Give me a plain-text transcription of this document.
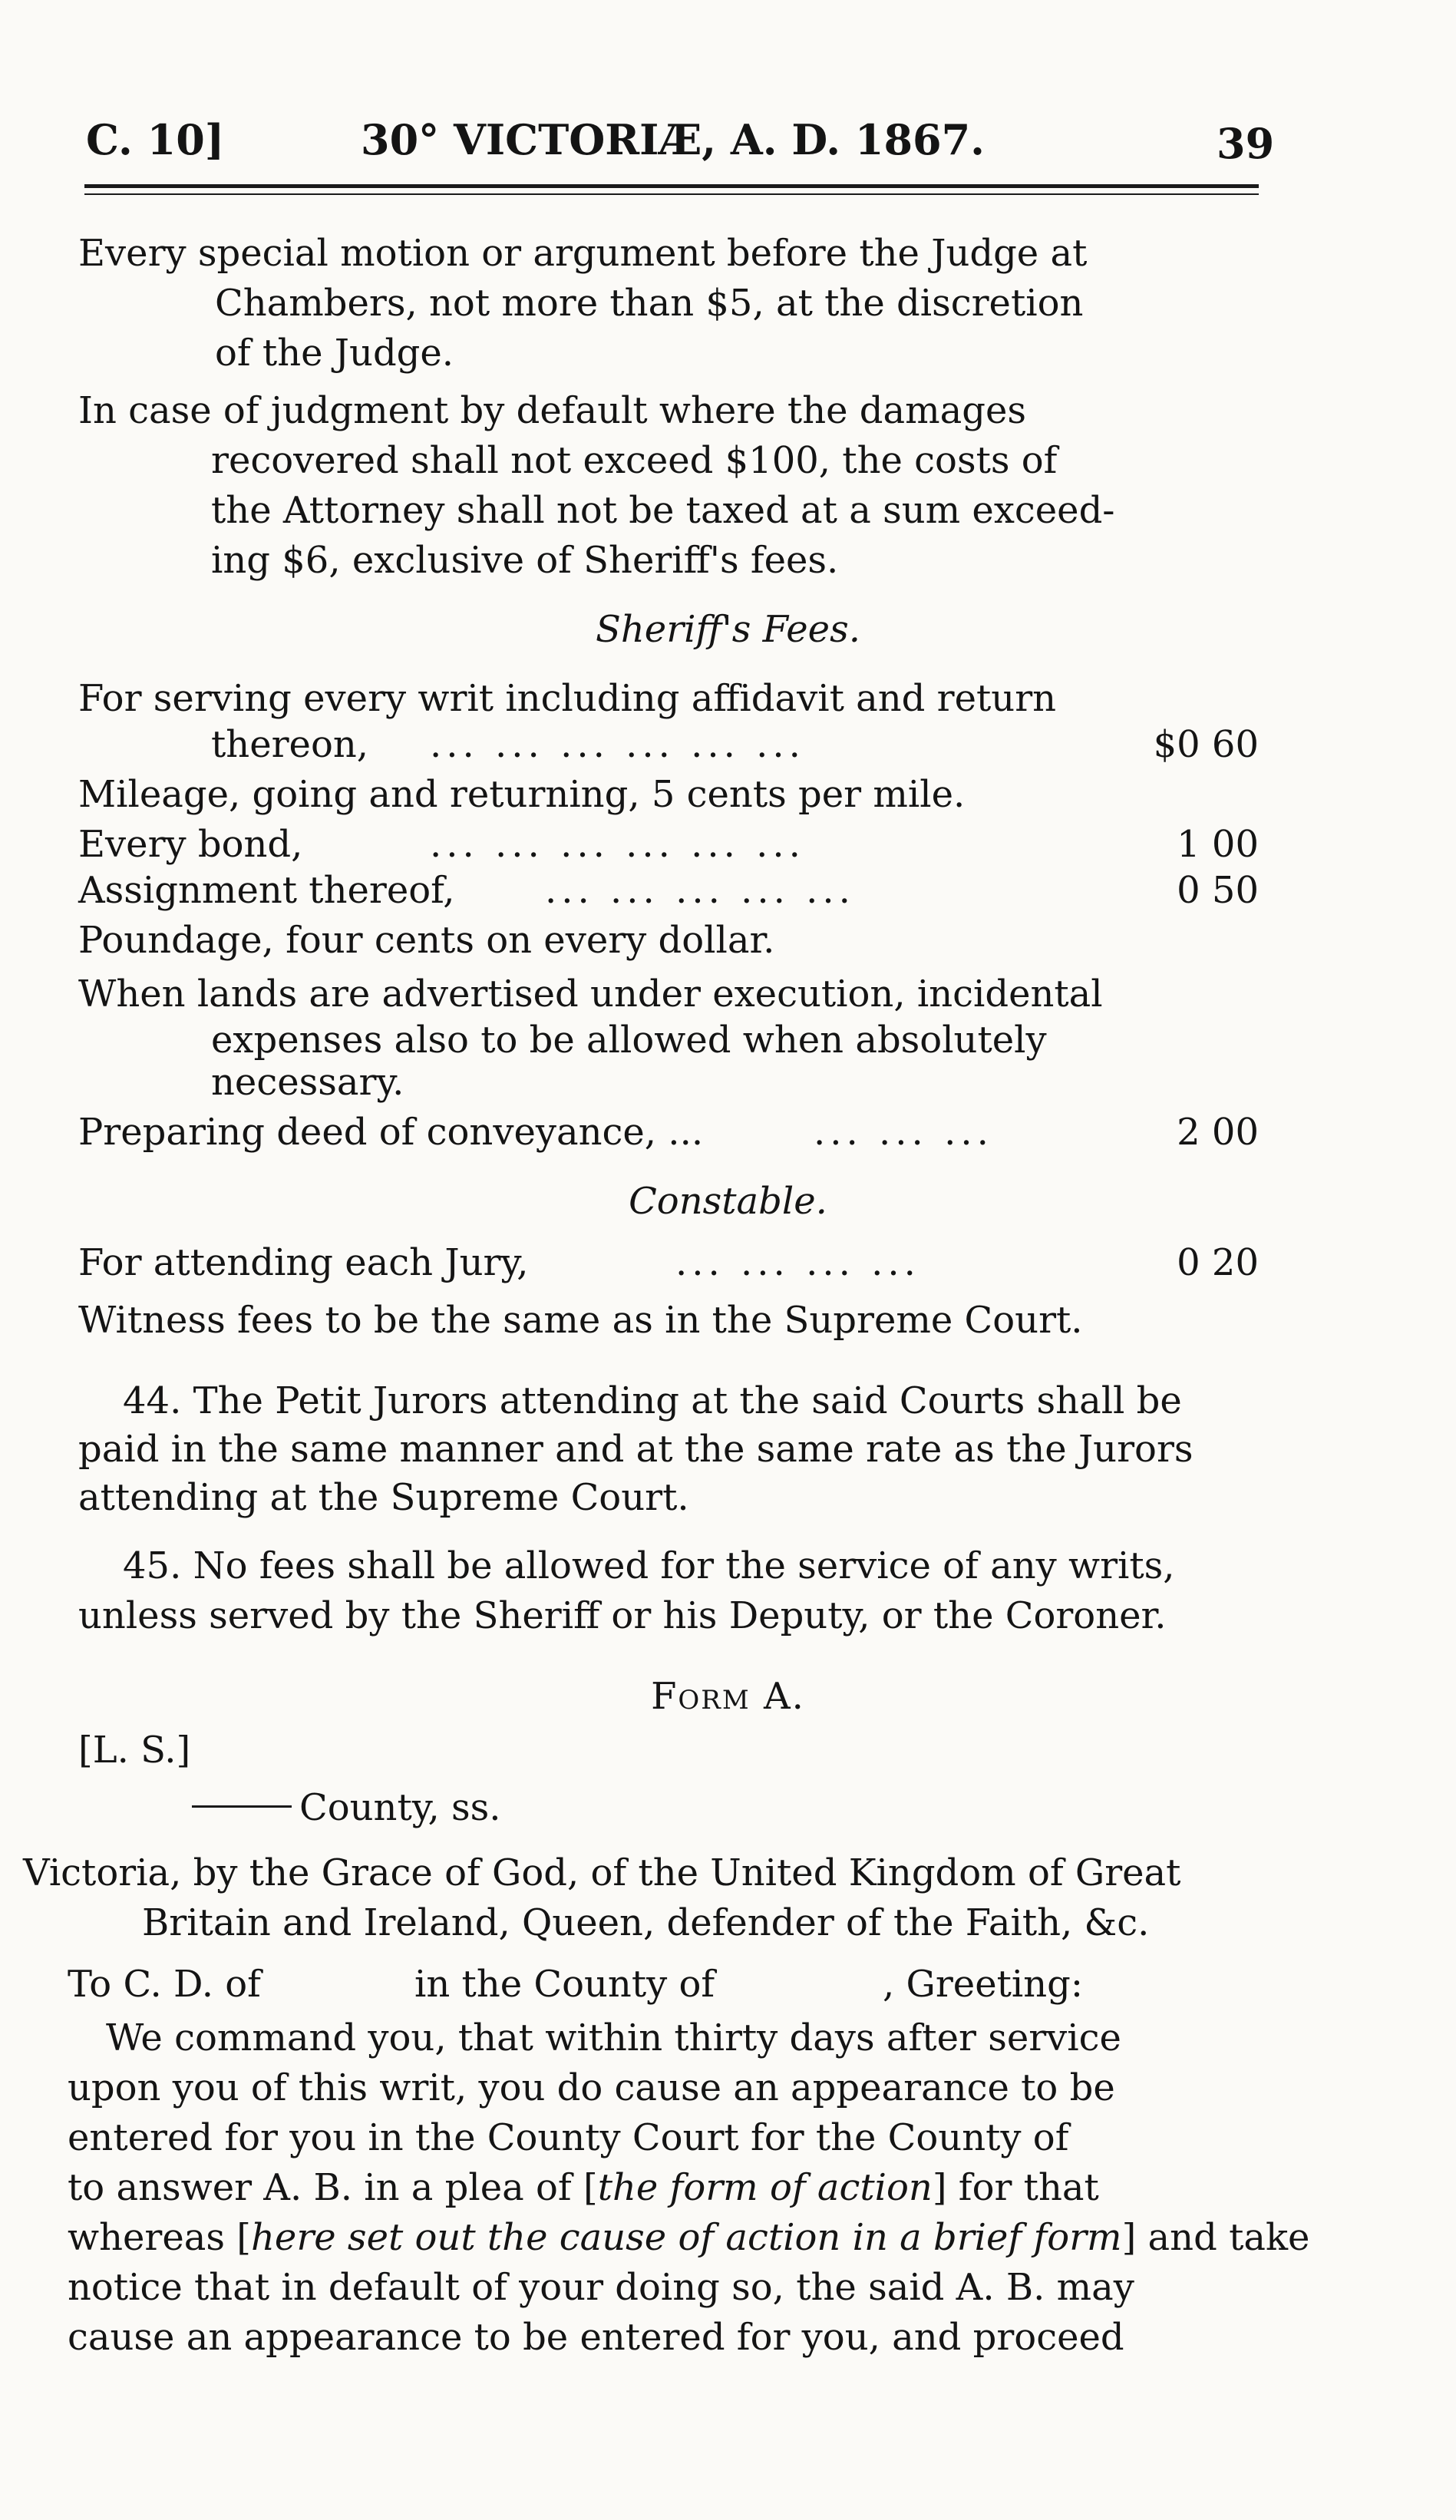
C. 10]	30° VICTORIÆ, A. D. 1867.	39
Every special motion or argument before the Judge at
Chambers, not more than $5, at the discretion
of the Judge.
In case of judgment by default where the damages
recovered shall not exceed $100, the costs of
the Attorney shall not be taxed at a sum exceed-
ing $6, exclusive of Sheriff's fees.
Sheriff's Fees.
For serving every writ including affidavit and return
thereon, ... ... ... ... ... ...	$0 60
Mileage, going and returning, 5 cents per mile.
Every bond,	... ... ... ... ... ...	1 00
Assignment thereof, ... ... ... ... ...	0 50
Poundage, four cents on every dollar.
When lands are advertised under execution, incidental
expenses also to be allowed when absolutely
necessary.
Preparing deed of conveyance, ...	... ... ...	2 00
Constable.
For attending each Jury,	... ... ... ...	0 20
Witness fees to be the same as in the Supreme Court.
44. The Petit Jurors attending at the said Courts shall be
paid in the same manner and at the same rate as the Jurors
attending at the Supreme Court.
45. No fees shall be allowed for the service of any writs,
unless served by the Sheriff or his Deputy, or the Coroner.
Form A.
[L. S.]
County, ss.
Victoria, by the Grace of God, of the United Kingdom of Great
Britain and Ireland, Queen, defender of the Faith, &c.
To C. D. of	in the County of	, Greeting:
We command you, that within thirty days after service
upon you of this writ, you do cause an appearance to be
entered for you in the County Court for the County of
to answer A. B. in a plea of [the form of action] for that
whereas [here set out the cause of action in a brief form] and take
notice that in default of your doing so, the said A. B. may
cause an appearance to be entered for you, and proceed
